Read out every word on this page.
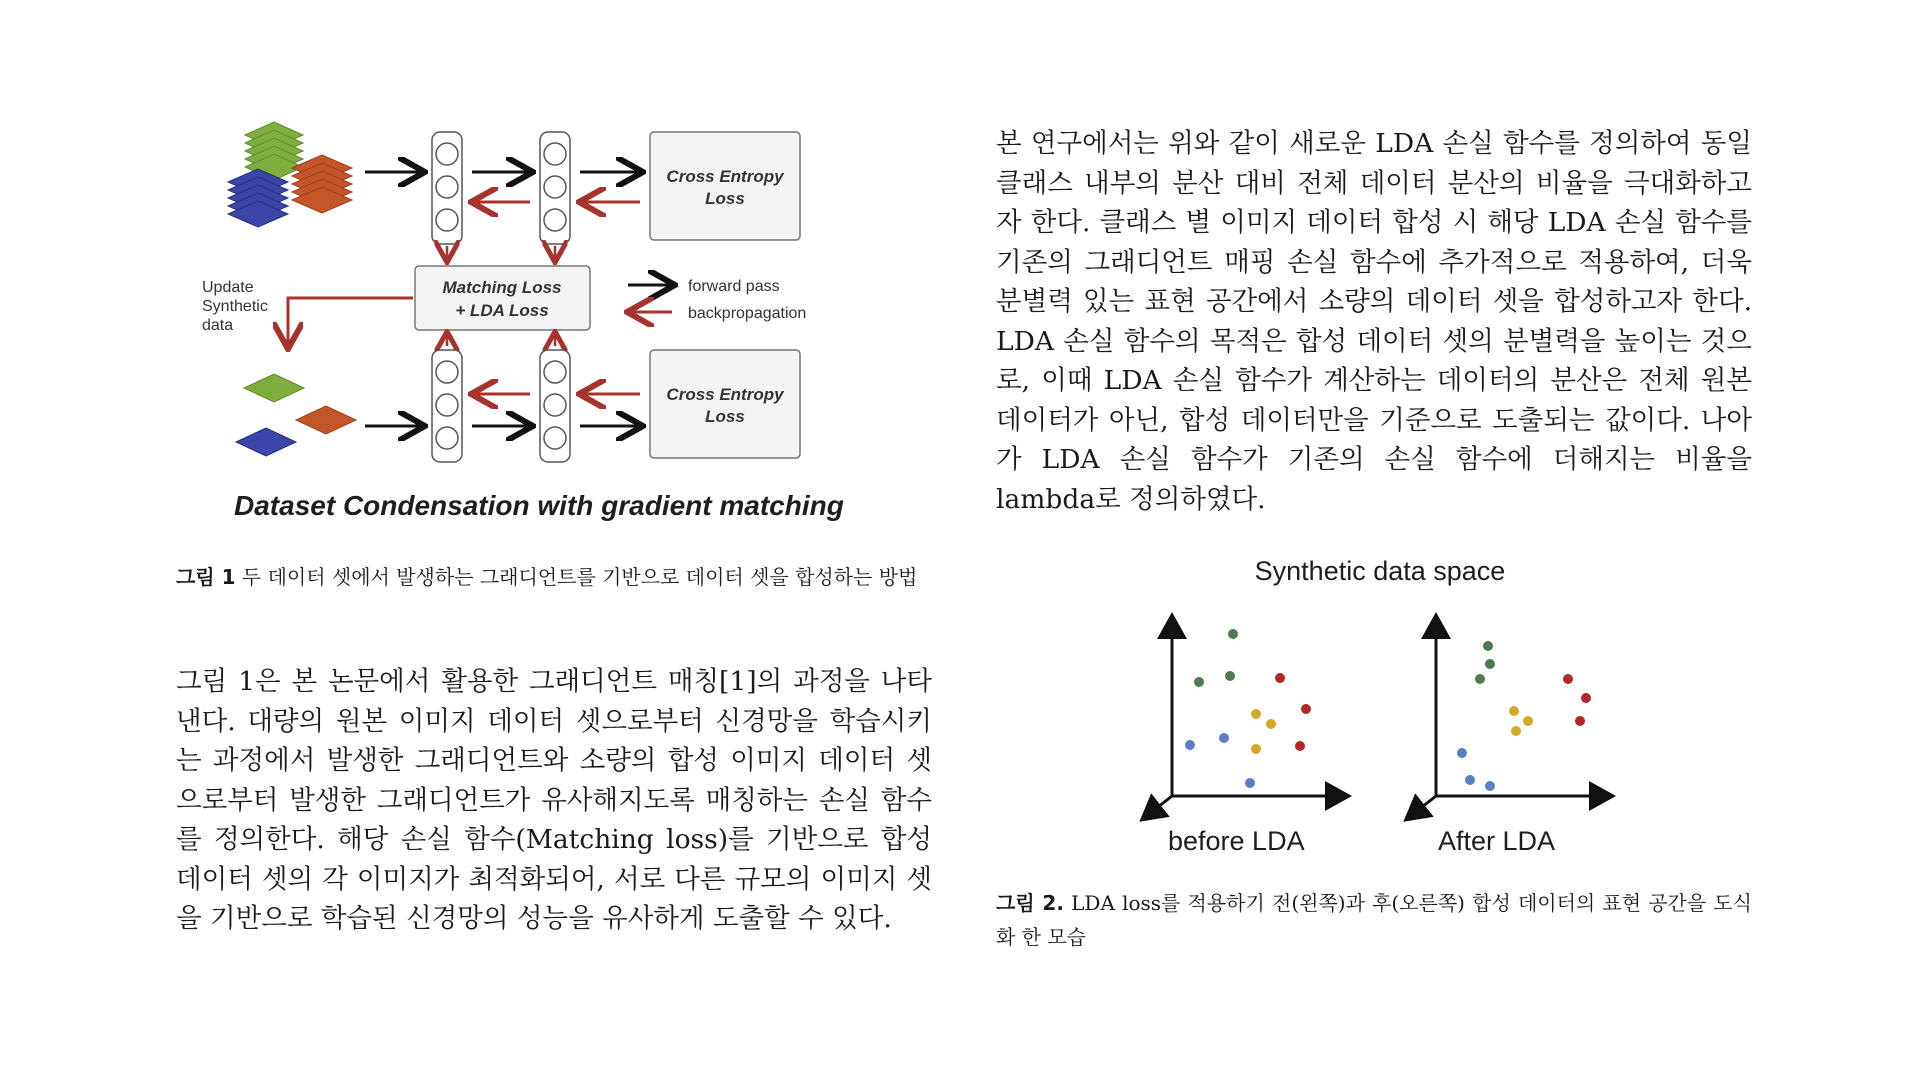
Cross Entropy
Loss
Matching Loss
+ LDA Loss
forward pass
backpropagation
Update
Synthetic
data
Cross Entropy
Loss
Dataset Condensation with gradient matching
그림 1 두 데이터 셋에서 발생하는 그래디언트를 기반으로 데이터 셋을 합성하는 방법

그림 1은 본 논문에서 활용한 그래디언트 매칭[1]의 과정을 나타낸다. 대량의 원본 이미지 데이터 셋으로부터 신경망을 학습시키는 과정에서 발생한 그래디언트와 소량의 합성 이미지 데이터 셋으로부터 발생한 그래디언트가 유사해지도록 매칭하는 손실 함수를 정의한다. 해당 손실 함수(Matching loss)를 기반으로 합성 데이터 셋의 각 이미지가 최적화되어, 서로 다른 규모의 이미지 셋을 기반으로 학습된 신경망의 성능을 유사하게 도출할 수 있다.

본 연구에서는 위와 같이 새로운 LDA 손실 함수를 정의하여 동일 클래스 내부의 분산 대비 전체 데이터 분산의 비율을 극대화하고자 한다. 클래스 별 이미지 데이터 합성 시 해당 LDA 손실 함수를 기존의 그래디언트 매핑 손실 함수에 추가적으로 적용하여, 더욱 분별력 있는 표현 공간에서 소량의 데이터 셋을 합성하고자 한다. LDA 손실 함수의 목적은 합성 데이터 셋의 분별력을 높이는 것으로, 이때 LDA 손실 함수가 계산하는 데이터의 분산은 전체 원본 데이터가 아닌, 합성 데이터만을 기준으로 도출되는 값이다. 나아가 LDA 손실 함수가 기존의 손실 함수에 더해지는 비율을 lambda로 정의하였다.

Synthetic data space
before LDA	After LDA
그림 2. LDA loss를 적용하기 전(왼쪽)과 후(오른쪽) 합성 데이터의 표현 공간을 도식화 한 모습
